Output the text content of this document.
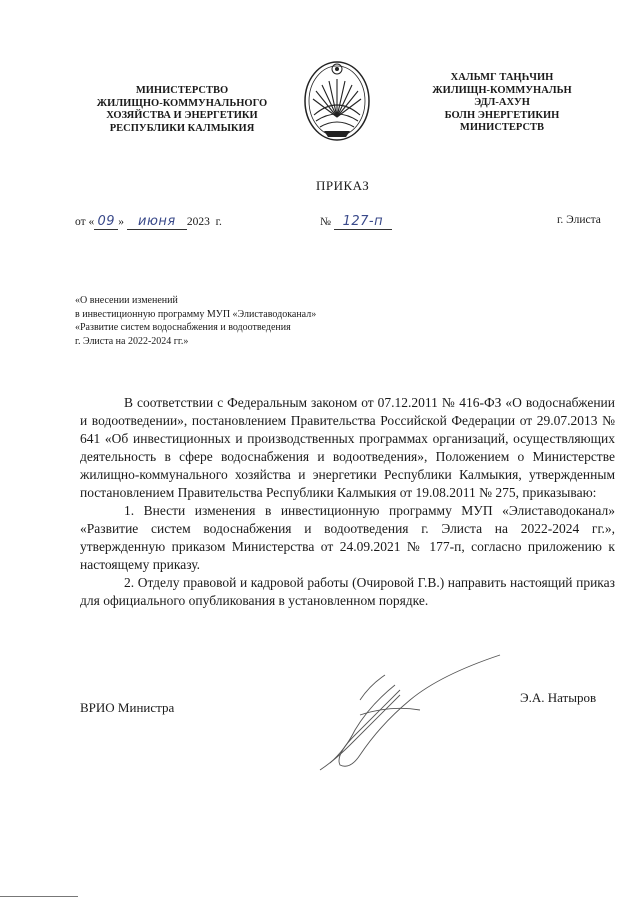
МИНИСТЕРСТВО
ЖИЛИЩНО-КОММУНАЛЬНОГО
ХОЗЯЙСТВА И ЭНЕРГЕТИКИ
РЕСПУБЛИКИ КАЛМЫКИЯ
ХАЛЬМГ ТАҢҺЧИН
ЖИЛИЩН-КОММУНАЛЬН
ЭДЛ-АХУН
БОЛН ЭНЕРГЕТИКИН
МИНИСТЕРСТВ
ПРИКАЗ
от « 09 » июня 2023 г.	№ 127-п	г. Элиста
«О внесении изменений
в инвестиционную программу МУП «Элиставодоканал»
«Развитие систем водоснабжения и водоотведения
г. Элиста на 2022-2024 гг.»
В соответствии с Федеральным законом от 07.12.2011 № 416-ФЗ «О водоснабжении и водоотведении», постановлением Правительства Российской Федерации от 29.07.2013 № 641 «Об инвестиционных и производственных программах организаций, осуществляющих деятельность в сфере водоснабжения и водоотведения», Положением о Министерстве жилищно-коммунального хозяйства и энергетики Республики Калмыкия, утвержденным постановлением Правительства Республики Калмыкия от 19.08.2011 № 275, приказываю:
1. Внести изменения в инвестиционную программу МУП «Элиставодоканал» «Развитие систем водоснабжения и водоотведения г. Элиста на 2022-2024 гг.», утвержденную приказом Министерства от 24.09.2021 № 177-п, согласно приложению к настоящему приказу.
2. Отделу правовой и кадровой работы (Очировой Г.В.) направить настоящий приказ для официального опубликования в установленном порядке.
ВРИО Министра
Э.А. Натыров
